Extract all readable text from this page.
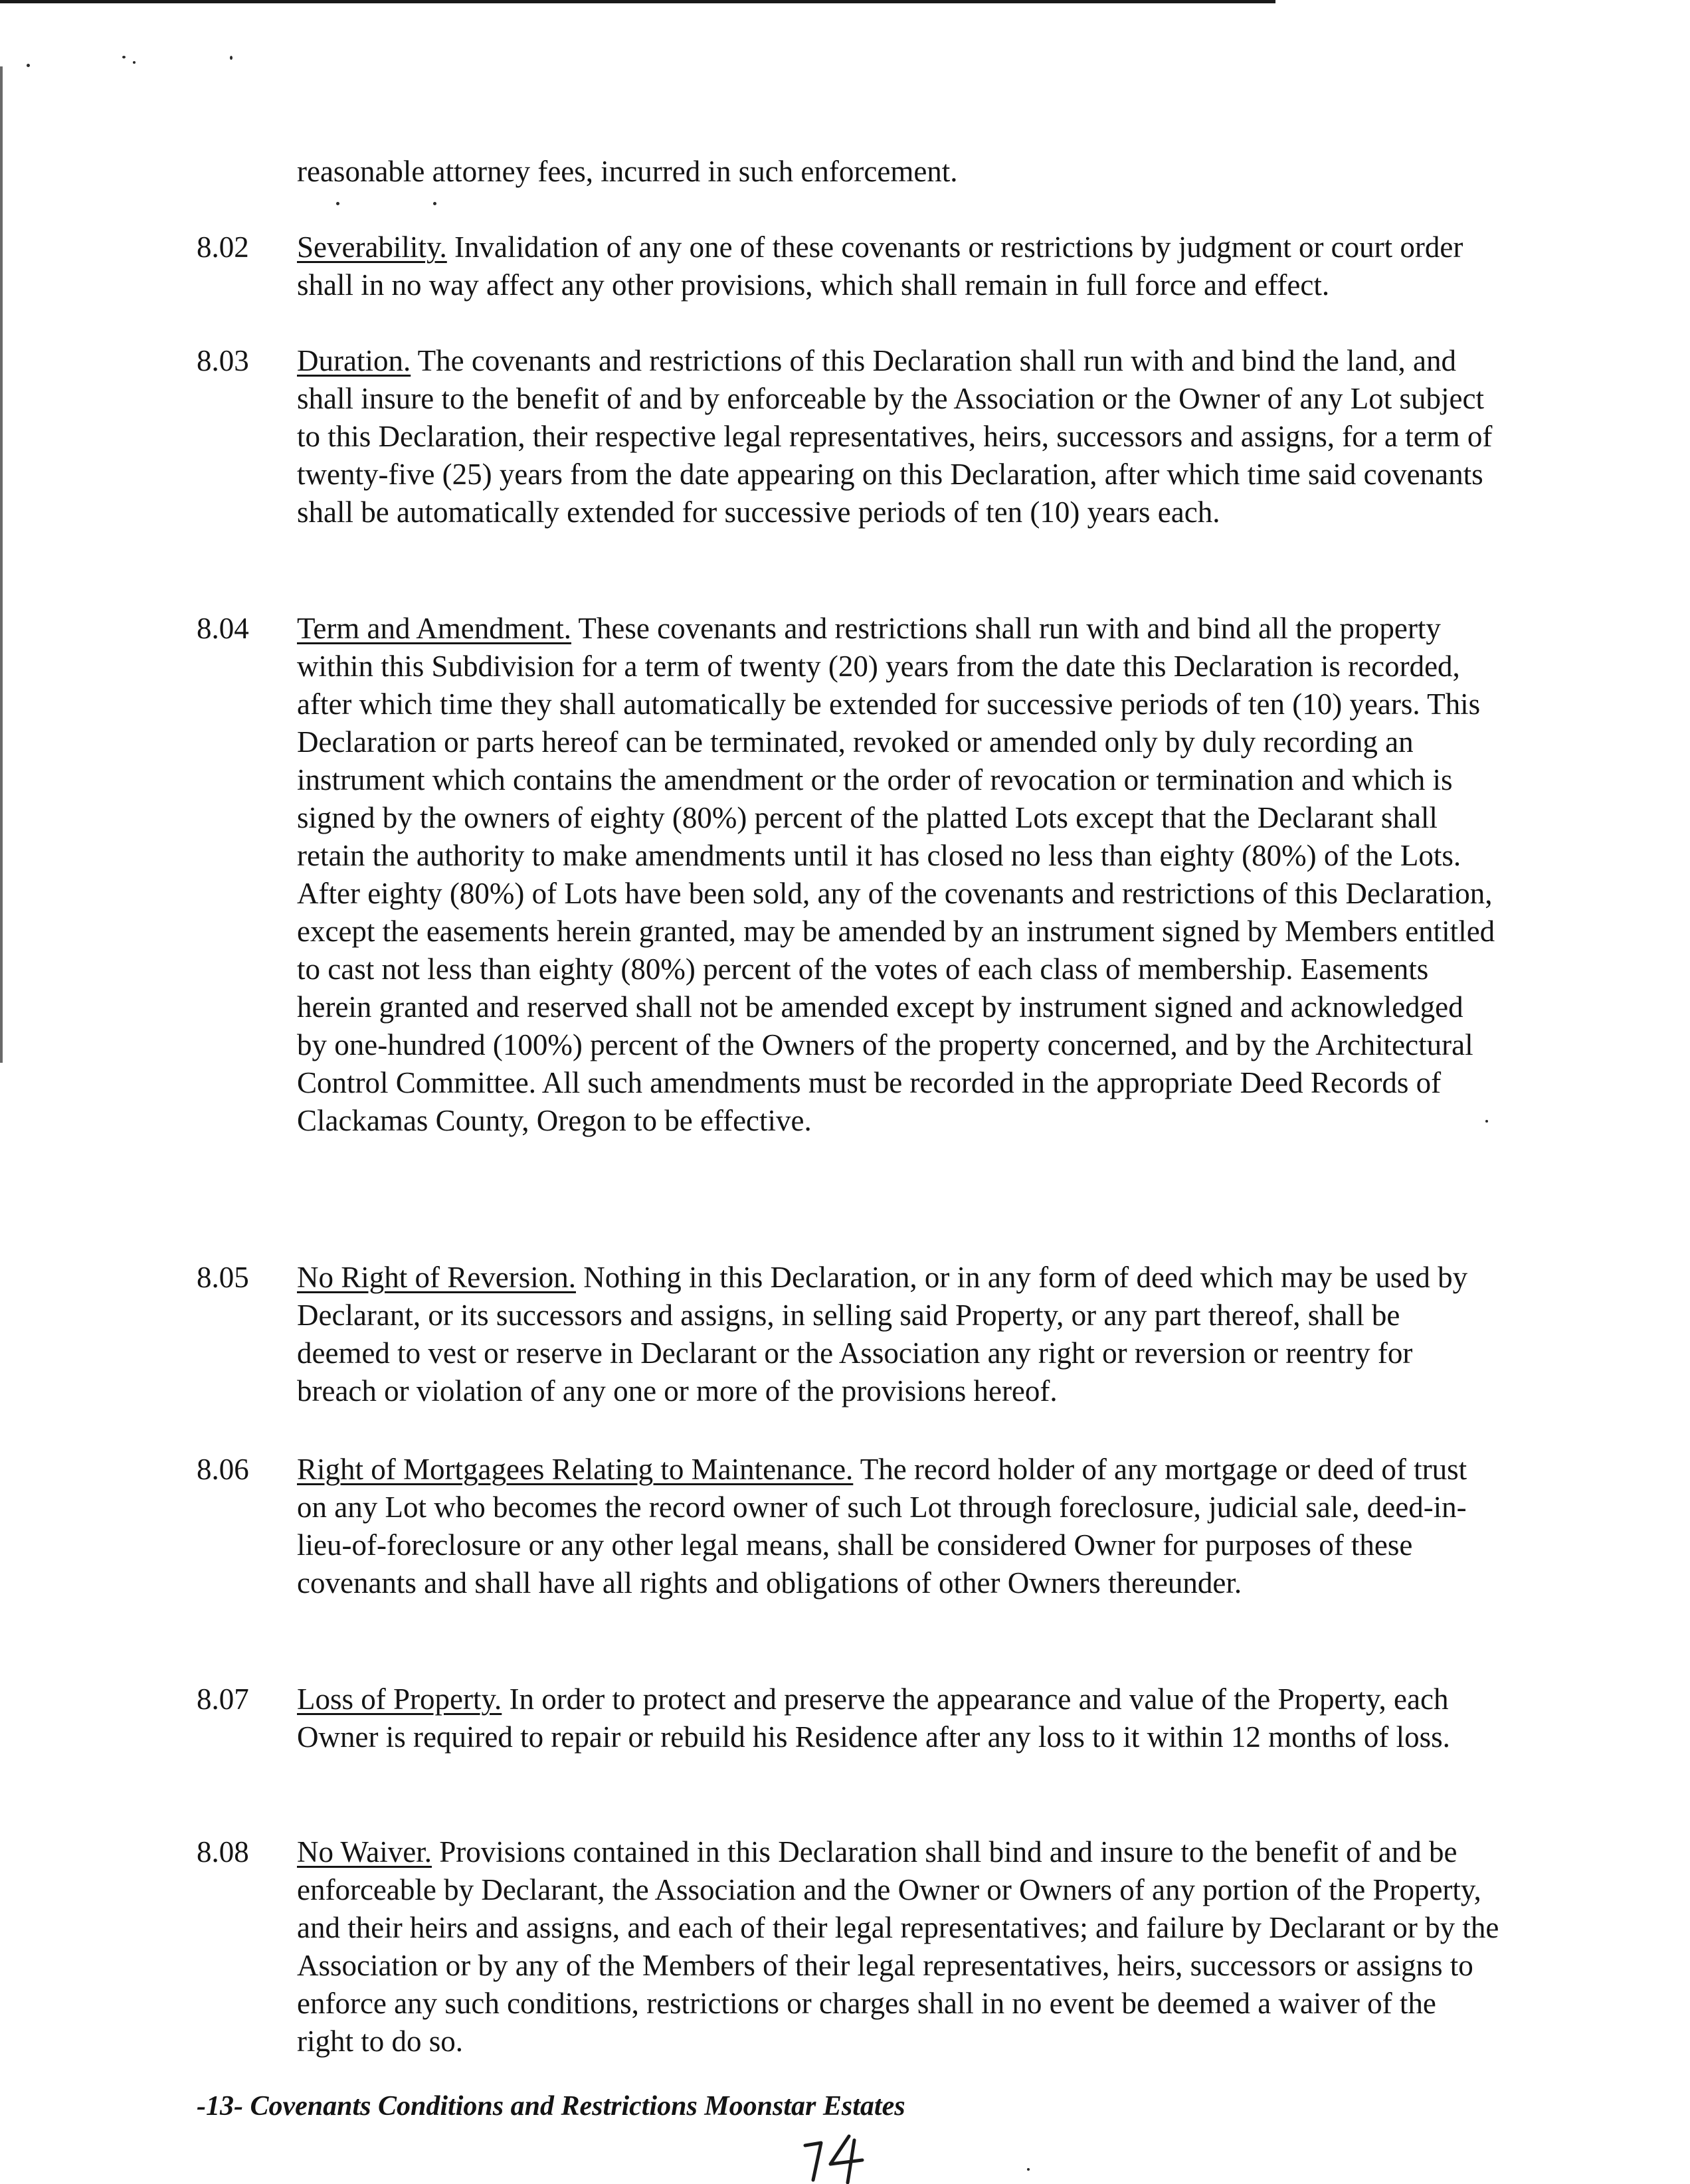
reasonable attorney fees, incurred in such enforcement.

8.02 Severability. Invalidation of any one of these covenants or restrictions by judgment or court order shall in no way affect any other provisions, which shall remain in full force and effect.

8.03 Duration. The covenants and restrictions of this Declaration shall run with and bind the land, and shall insure to the benefit of and by enforceable by the Association or the Owner of any Lot subject to this Declaration, their respective legal representatives, heirs, successors and assigns, for a term of twenty-five (25) years from the date appearing on this Declaration, after which time said covenants shall be automatically extended for successive periods of ten (10) years each.

8.04 Term and Amendment. These covenants and restrictions shall run with and bind all the property within this Subdivision for a term of twenty (20) years from the date this Declaration is recorded, after which time they shall automatically be extended for successive periods of ten (10) years. This Declaration or parts hereof can be terminated, revoked or amended only by duly recording an instrument which contains the amendment or the order of revocation or termination and which is signed by the owners of eighty (80%) percent of the platted Lots except that the Declarant shall retain the authority to make amendments until it has closed no less than eighty (80%) of the Lots. After eighty (80%) of Lots have been sold, any of the covenants and restrictions of this Declaration, except the easements herein granted, may be amended by an instrument signed by Members entitled to cast not less than eighty (80%) percent of the votes of each class of membership. Easements herein granted and reserved shall not be amended except by instrument signed and acknowledged by one-hundred (100%) percent of the Owners of the property concerned, and by the Architectural Control Committee. All such amendments must be recorded in the appropriate Deed Records of Clackamas County, Oregon to be effective.

8.05 No Right of Reversion. Nothing in this Declaration, or in any form of deed which may be used by Declarant, or its successors and assigns, in selling said Property, or any part thereof, shall be deemed to vest or reserve in Declarant or the Association any right or reversion or reentry for breach or violation of any one or more of the provisions hereof.

8.06 Right of Mortgagees Relating to Maintenance. The record holder of any mortgage or deed of trust on any Lot who becomes the record owner of such Lot through foreclosure, judicial sale, deed-in-lieu-of-foreclosure or any other legal means, shall be considered Owner for purposes of these covenants and shall have all rights and obligations of other Owners thereunder.

8.07 Loss of Property. In order to protect and preserve the appearance and value of the Property, each Owner is required to repair or rebuild his Residence after any loss to it within 12 months of loss.

8.08 No Waiver. Provisions contained in this Declaration shall bind and insure to the benefit of and be enforceable by Declarant, the Association and the Owner or Owners of any portion of the Property, and their heirs and assigns, and each of their legal representatives; and failure by Declarant or by the Association or by any of the Members of their legal representatives, heirs, successors or assigns to enforce any such conditions, restrictions or charges shall in no event be deemed a waiver of the right to do so.

-13- Covenants Conditions and Restrictions Moonstar Estates
